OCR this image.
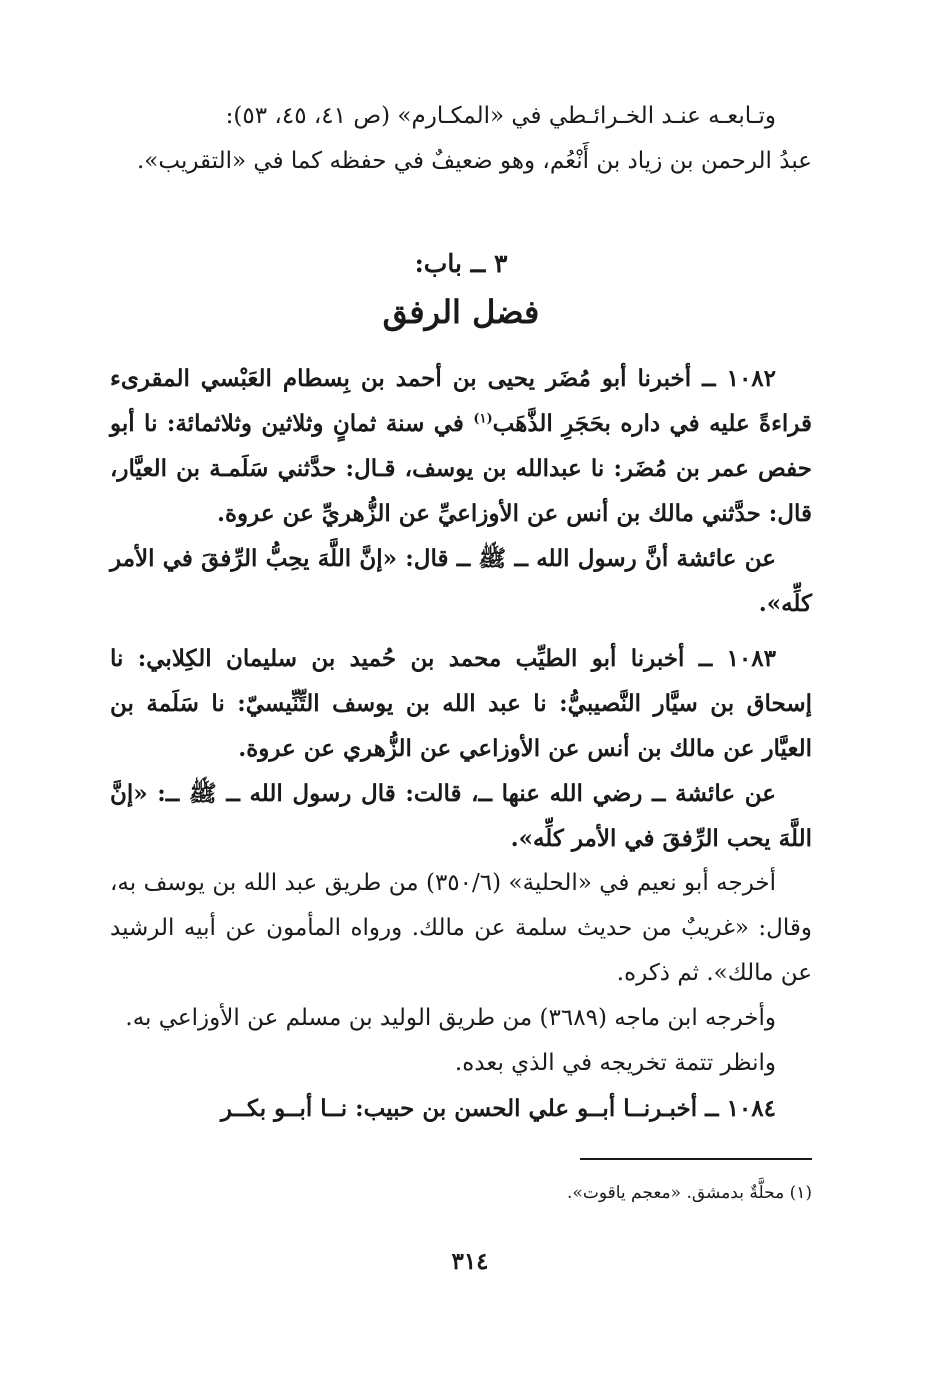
وتـابعـه عنـد الخـرائـطي في «المكـارم» (ص ٤١، ٤٥، ٥٣):

عبدُ الرحمن بن زياد بن أَنْعُم، وهو ضعيفٌ في حفظه كما في «التقريب».

٣ ــ باب:
فضل الرفق

١٠٨٢ ــ أخبرنا أبو مُضَر يحيى بن أحمد بن بِسطام العَبْسي المقرىء قراءةً عليه في داره بحَجَرِ الذَّهَب$^{(١)}$ في سنة ثمانٍ وثلاثين وثلاثمائة: نا أبو حفص عمر بن مُضَر: نا عبدالله بن يوسف، قـال: حدَّثني سَلَمـة بن العيَّار، قال: حدَّثني مالك بن أنس عن الأوزاعيِّ عن الزُّهريِّ عن عروة.

عن عائشة أنَّ رسول الله ــ ﷺ ــ قال: «إنَّ اللَّهَ يحِبُّ الرِّفقَ في الأمر كلِّه».

١٠٨٣ ــ أخبرنا أبو الطيِّب محمد بن حُميد بن سليمان الكِلابي: نا إسحاق بن سيَّار النَّصيبيُّ: نا عبد الله بن يوسف التِّنِّيسيّ: نا سَلَمة بن العيَّار عن مالك بن أنس عن الأوزاعي عن الزُّهري عن عروة.

عن عائشة ــ رضي الله عنها ــ، قالت: قال رسول الله ــ ﷺ ــ: «إنَّ اللَّهَ يحب الرِّفقَ في الأمر كلِّه».

أخرجه أبو نعيم في «الحلية» (٣٥٠/٦) من طريق عبد الله بن يوسف به، وقال: «غريبٌ من حديث سلمة عن مالك. ورواه المأمون عن أبيه الرشيد عن مالك». ثم ذكره.

وأخرجه ابن ماجه (٣٦٨٩) من طريق الوليد بن مسلم عن الأوزاعي به.

وانظر تتمة تخريجه في الذي بعده.

١٠٨٤ ــ أخبـرنــا أبــو علي الحسن بن حبيب: نــا أبــو بكــر

(١) محلَّةٌ بدمشق. «معجم ياقوت».
٣١٤
